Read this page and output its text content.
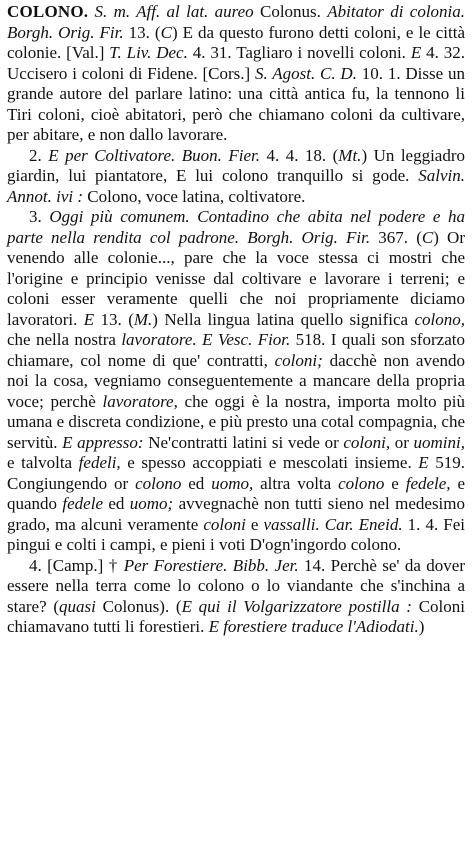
COLONO. S. m. Aff. al lat. aureo Colonus. Abitator di colonia. Borgh. Orig. Fir. 13. (C) E da questo furono detti coloni, e le città colonie. [Val.] T. Liv. Dec. 4. 31. Tagliaro i novelli coloni. E 4. 32. Uccisero i coloni di Fidene. [Cors.] S. Agost. C. D. 10. 1. Disse un grande autore del parlare latino: una città antica fu, la tennono li Tiri coloni, cioè abitatori, però che chiamano coloni da cultivare, per abitare, e non dallo lavorare.

2. E per Coltivatore. Buon. Fier. 4. 4. 18. (Mt.) Un leggiadro giardin, lui piantatore, E lui colono tranquillo si gode. Salvin. Annot. ivi : Colono, voce latina, coltivatore.

3. Oggi più comunem. Contadino che abita nel podere e ha parte nella rendita col padrone. Borgh. Orig. Fir. 367. (C) Or venendo alle colonie..., pare che la voce stessa ci mostri che l'origine e principio venisse dal coltivare e lavorare i terreni; e coloni esser veramente quelli che noi propriamente diciamo lavoratori. E 13. (M.) Nella lingua latina quello significa colono, che nella nostra lavoratore. E Vesc. Fior. 518. I quali son sforzato chiamare, col nome di que' contratti, coloni; dacchè non avendo noi la cosa, vegniamo conseguentemente a mancare della propria voce; perchè lavoratore, che oggi è la nostra, importa molto più umana e discreta condizione, e più presto una cotal compagnia, che servitù. E appresso: Ne'contratti latini si vede or coloni, or uomini, e talvolta fedeli, e spesso accoppiati e mescolati insieme. E 519. Congiungendo or colono ed uomo, altra volta colono e fedele, e quando fedele ed uomo; avvegnachè non tutti sieno nel medesimo grado, ma alcuni veramente coloni e vassalli. Car. Eneid. 1. 4. Fei pingui e colti i campi, e pieni i voti D'ogn'ingordo colono.

4. [Camp.] † Per Forestiere. Bibb. Jer. 14. Perchè se' da dover essere nella terra come lo colono o lo viandante che s'inchina a stare? (quasi Colonus). (E qui il Volgarizzatore postilla : Coloni chiamavano tutti li forestieri. E forestiere traduce l'Adiodati.)
